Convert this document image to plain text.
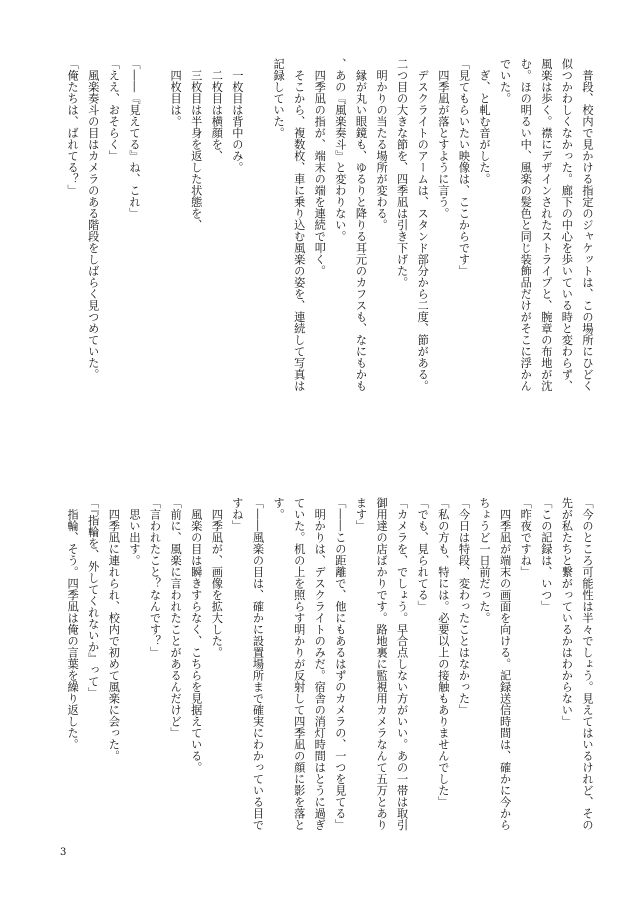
　普段、校内で見かける指定のジャケットは、この場所にひどく
似つかわしくなかった。廊下の中心を歩いている時と変わらず、
風楽は歩く。襟にデザインされたストライプと、腕章の布地が沈
む。ほの明るい中、風楽の髪色と同じ装飾品だけがそこに浮かん
でいた。
　ぎ、と軋む音がした。
「見てもらいたい映像は、ここからです」
　四季凪が落とすように言う。
　デスクライトのアームは、スタンド部分から二度、節がある。
二つ目の大きな節を、四季凪は引き下げた。
　明かりの当たる場所が変わる。
　縁が丸い眼鏡も、ゆるりと降りる耳元のカフスも、なにもかも
、あの『風楽奏斗』と変わりない。
　四季凪の指が、端末の端を連続で叩く。
　そこから、複数枚、車に乗り込む風楽の姿を、連続して写真は
記録していた。
　一枚目は背中のみ。
　二枚目は横顔を、
　三枚目は半身を返した状態を、
　四枚目は。
「――『見えてる』ね、これ」
「ええ、おそらく」
　風楽奏斗の目はカメラのある階段をしばらく見つめていた。
「俺たちは、ばれてる？」
「今のところ可能性は半々でしょう。見えてはいるけれど、その
先が私たちと繋がっているかはわからない」
「この記録は、いつ」
「昨夜ですね」
　四季凪が端末の画面を向ける。記録送信時間は、確かに今から
ちょうど一日前だった。
「今日は特段、変わったことはなかった」
「私の方も、特には。必要以上の接触もありませんでした」
「でも、見られてる」
「カメラを、でしょう。早合点しない方がいい。あの一帯は取引
御用達の店ばかりです。路地裏に監視用カメラなんて五万とあり
ます」
「――この距離で、他にもあるはずのカメラの、一つを見てる」
　明かりは、デスクライトのみだ。宿舎の消灯時間はとうに過ぎ
ていた。机の上を照らす明かりが反射して四季凪の顔に影を落と
す。
「――風楽の目は、確かに設置場所まで確実にわかっている目で
すね」
　四季凪が、画像を拡大した。
　風楽の目は瞬きすらなく、こちらを見据えている。
「前に、風楽に言われたことがあるんだけど」
「言われたこと？なんです？」
　思い出す。
　四季凪に連れられ、校内で初めて風楽に会った。
「『指輪を、外してくれないか』って」
　指輪、そう。四季凪は俺の言葉を繰り返した。
3
